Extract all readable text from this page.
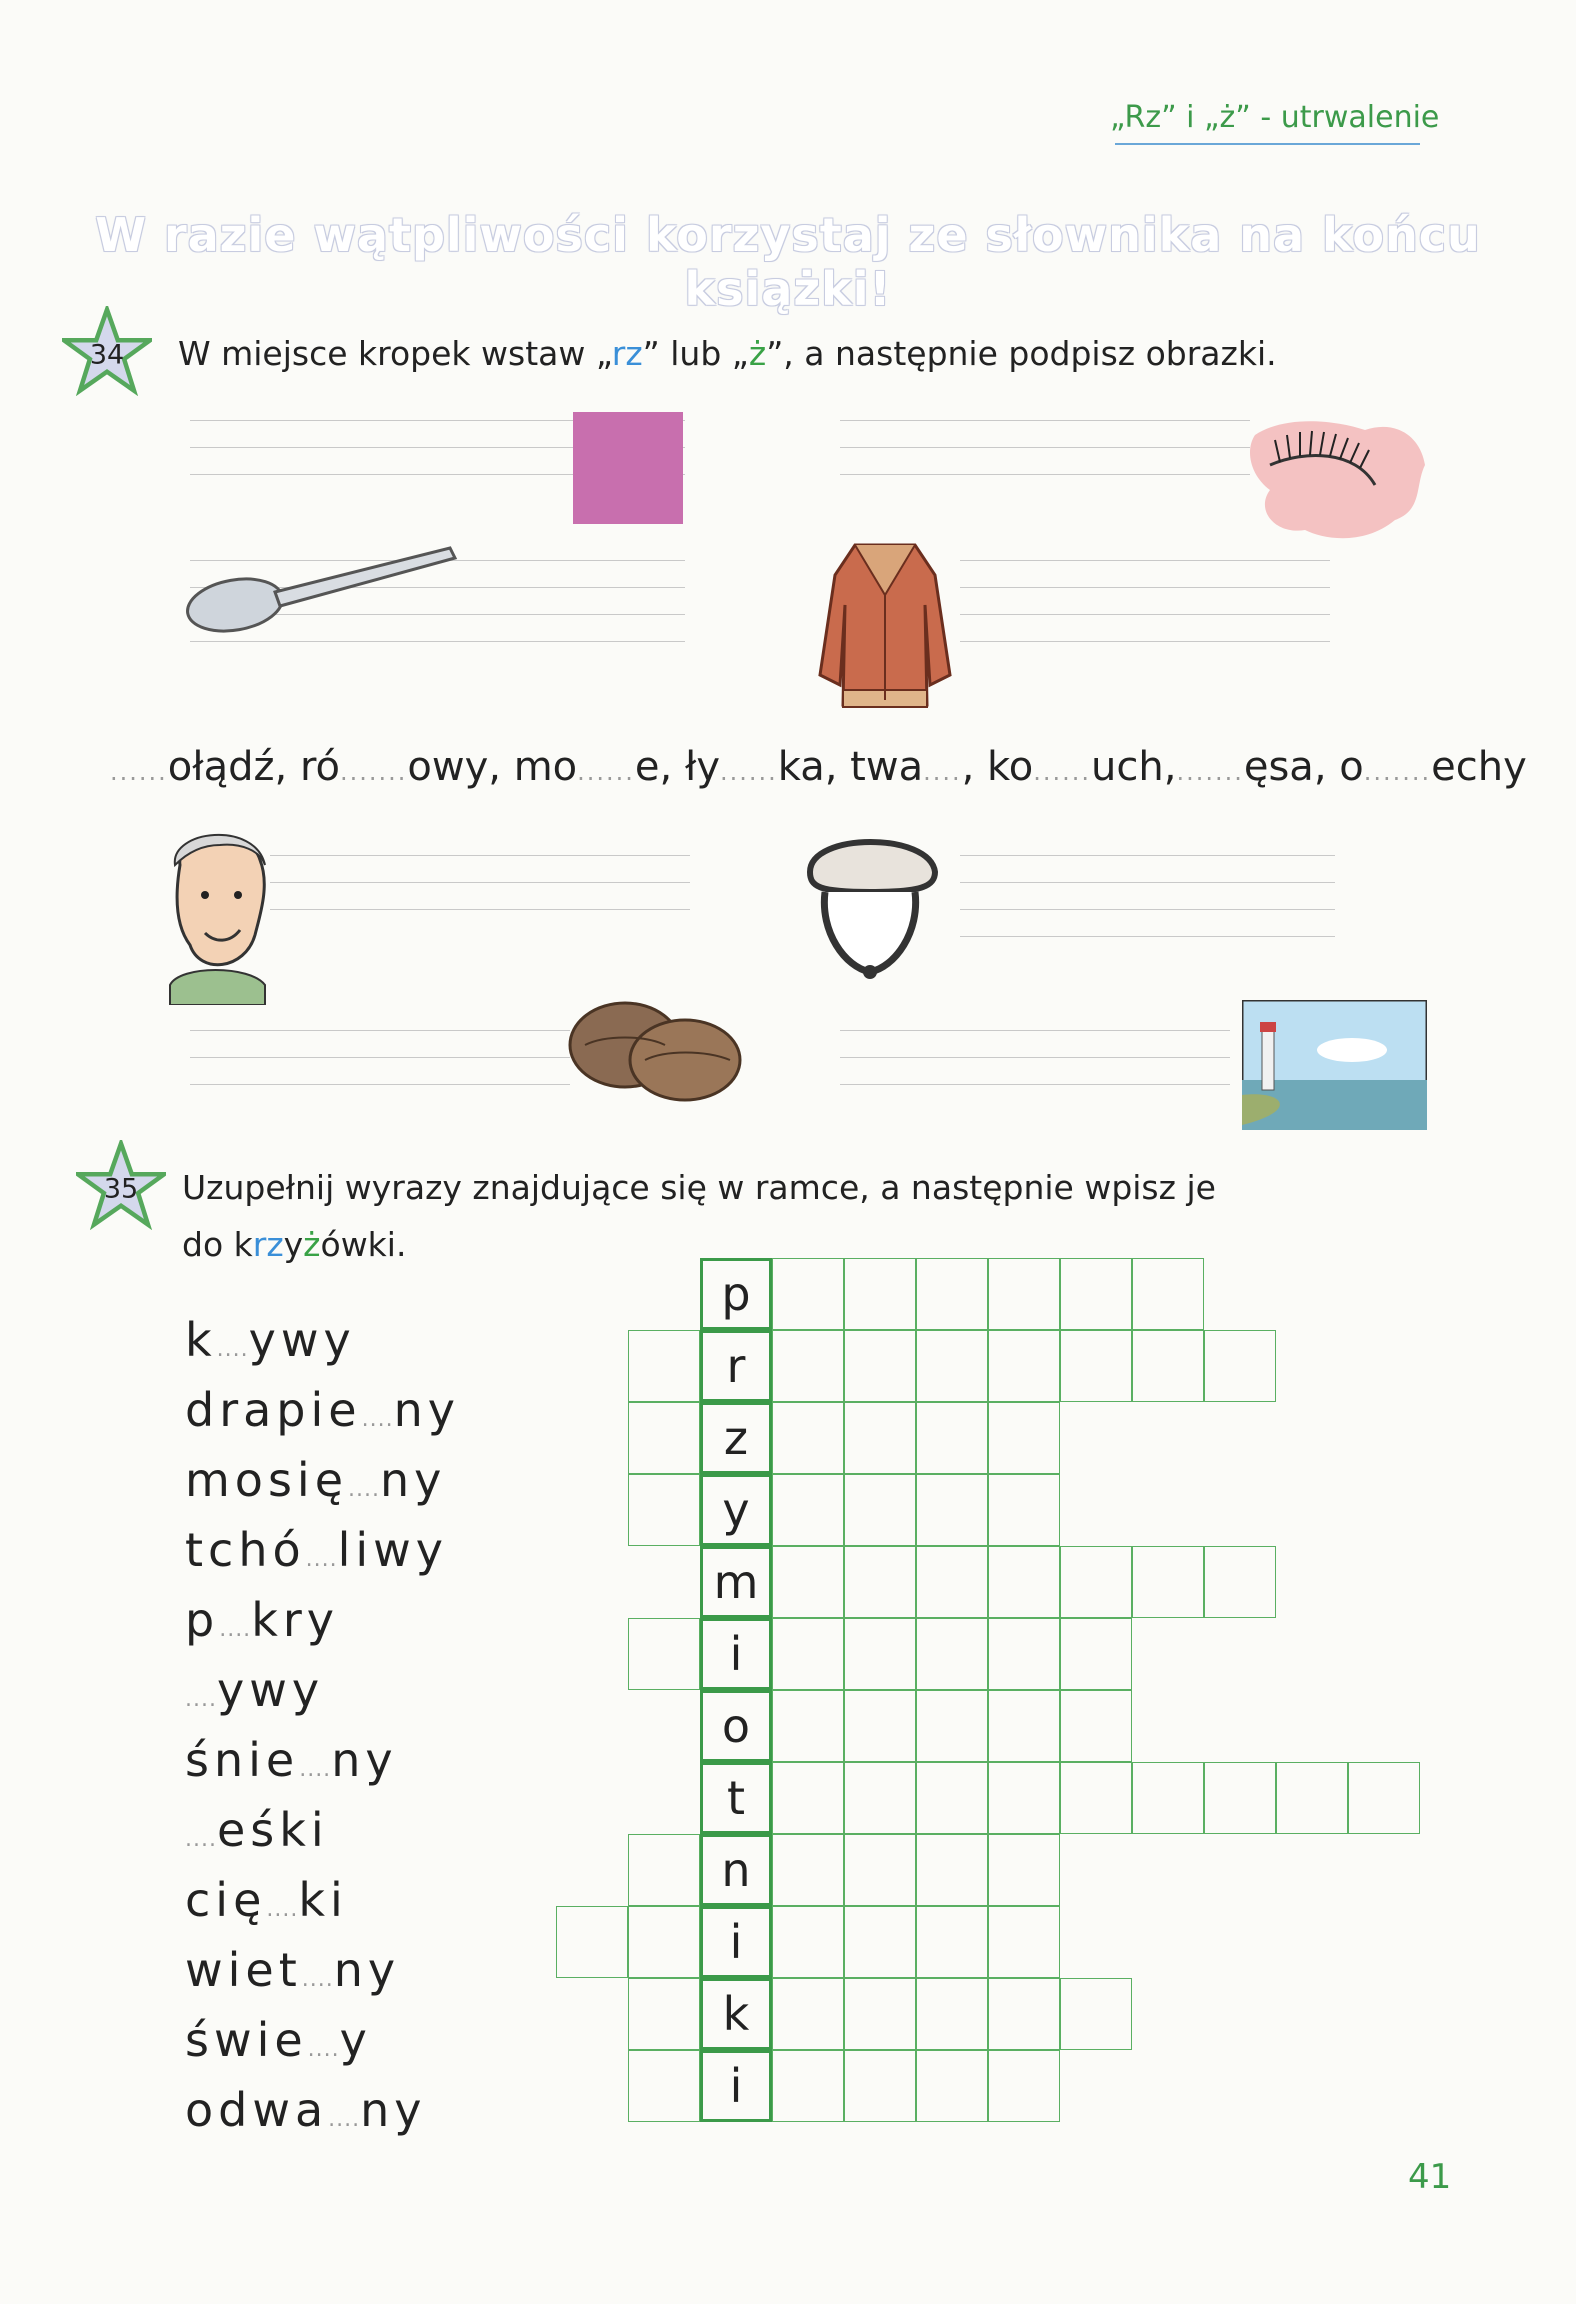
„Rz” i „ż” - utrwalenie
W razie wątpliwości korzystaj ze słownika na końcu książki!
34 W miejsce kropek wstaw „rz” lub „ż”, a następnie podpisz obrazki.
......ołądź, ró.......owy, mo......e, ły......ka, twa...., ko......uch,.......ęsa, o.......echy
35 Uzupełnij wyrazy znajdujące się w ramce, a następnie wpisz je
do krzyżówki.
k....ywy
drapie....ny
mosię....ny
tchó....liwy
p....kry
....ywy
śnie....ny
....eśki
cię....ki
wiet....ny
świe....y
odwa....ny
p
r
z
y
m
i
o
t
n
i
k
i
41
